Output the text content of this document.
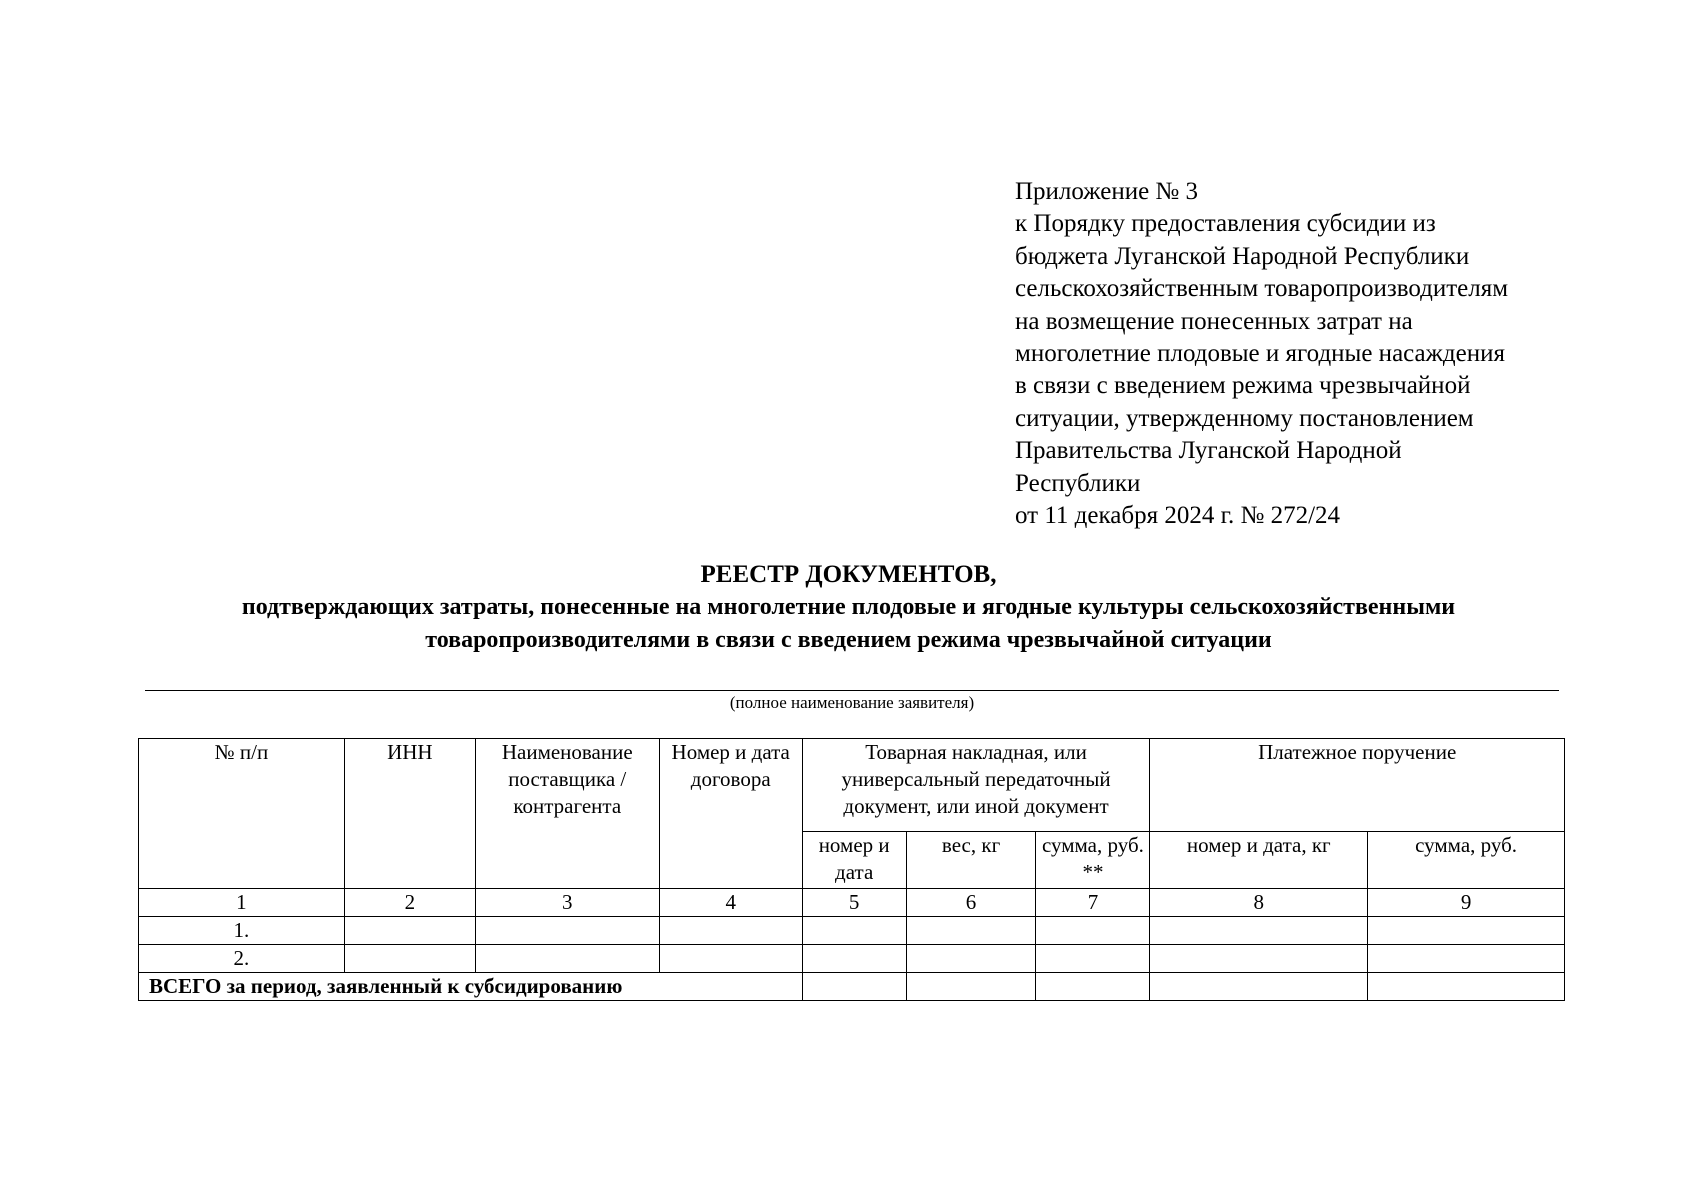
Приложение № 3
к Порядку предоставления субсидии из
бюджета Луганской Народной Республики
сельскохозяйственным товаропроизводителям
на возмещение понесенных затрат на
многолетние плодовые и ягодные насаждения
в связи с введением режима чрезвычайной
ситуации, утвержденному постановлением
Правительства Луганской Народной
Республики
от 11 декабря 2024 г. № 272/24
РЕЕСТР ДОКУМЕНТОВ,
подтверждающих затраты, понесенные на многолетние плодовые и ягодные культуры сельскохозяйственными
товаропроизводителями в связи с введением режима чрезвычайной ситуации
(полное наименование заявителя)
№ п/п	ИНН	Наименование поставщика / контрагента	Номер и дата договора	Товарная накладная, или универсальный передаточный документ, или иной документ			Платежное поручение	

				номер и дата	вес, кг	сумма, руб. **	номер и дата, кг	сумма, руб.

1	2	3	4	5	6	7	8	9
1.								
2.								
ВСЕГО за период, заявленный к субсидированию								
